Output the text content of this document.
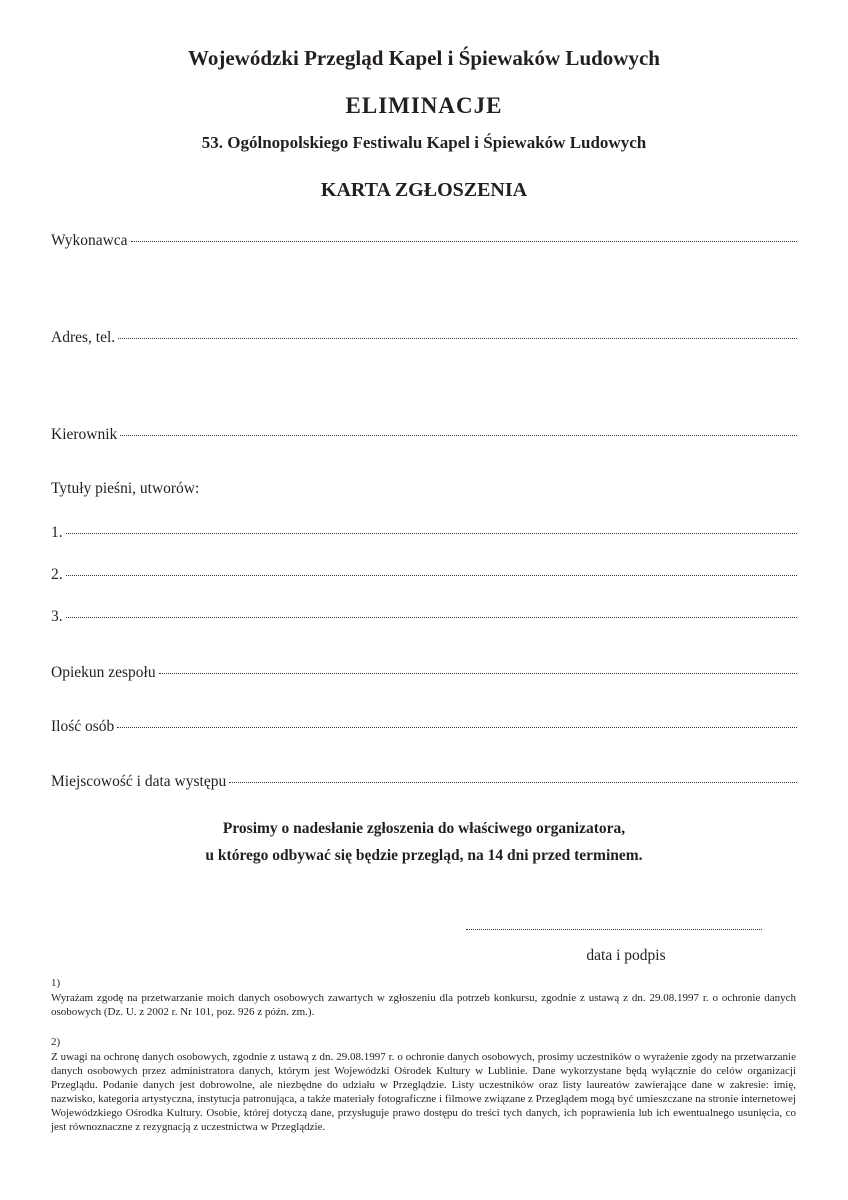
Wojewódzki Przegląd Kapel i Śpiewaków Ludowych
ELIMINACJE
53. Ogólnopolskiego Festiwalu Kapel i Śpiewaków Ludowych
KARTA ZGŁOSZENIA
Wykonawca
Adres, tel.
Kierownik
Tytuły pieśni, utworów:
1.
2.
3.
Opiekun zespołu
Ilość osób
Miejscowość i data występu
Prosimy o nadesłanie zgłoszenia do właściwego organizatora,
u którego odbywać się będzie przegląd, na 14 dni przed terminem.
data i podpis
1)
Wyrażam zgodę na przetwarzanie moich danych osobowych zawartych w zgłoszeniu dla potrzeb konkursu, zgodnie z ustawą z dn. 29.08.1997 r. o ochronie danych osobowych (Dz. U. z 2002 r. Nr 101, poz. 926 z późn. zm.).
2)
Z uwagi na ochronę danych osobowych, zgodnie z ustawą z dn. 29.08.1997 r. o ochronie danych osobowych, prosimy uczestników o wyrażenie zgody na przetwarzanie danych osobowych przez administratora danych, którym jest Wojewódzki Ośrodek Kultury w Lublinie. Dane wykorzystane będą wyłącznie do celów organizacji Przeglądu. Podanie danych jest dobrowolne, ale niezbędne do udziału w Przeglądzie. Listy uczestników oraz listy laureatów zawierające dane w zakresie: imię, nazwisko, kategoria artystyczna, instytucja patronująca, a także materiały fotograficzne i filmowe związane z Przeglądem mogą być umieszczane na stronie internetowej Wojewódzkiego Ośrodka Kultury. Osobie, której dotyczą dane, przysługuje prawo dostępu do treści tych danych, ich poprawienia lub ich ewentualnego usunięcia, co jest równoznaczne z rezygnacją z uczestnictwa w Przeglądzie.
